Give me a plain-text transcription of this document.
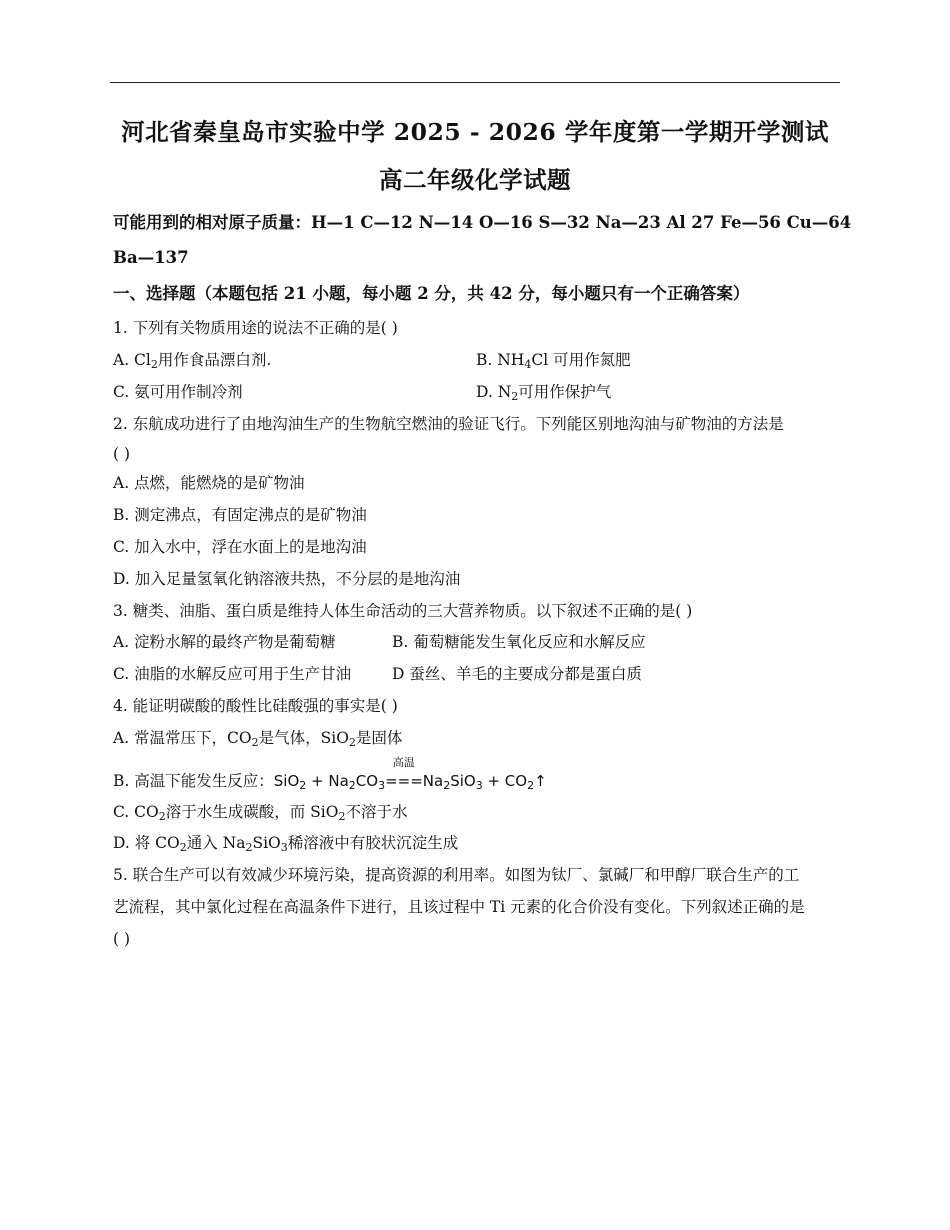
河北省秦皇岛市实验中学 2025 - 2026 学年度第一学期开学测试
高二年级化学试题
可能用到的相对原子质量：H—1 C—12 N—14 O—16 S—32 Na—23 Al 27 Fe—56 Cu—64
Ba—137
一、选择题（本题包括 21 小题，每小题 2 分，共 42 分，每小题只有一个正确答案）
1. 下列有关物质用途的说法不正确的是( )
A. $Cl_2$用作食品漂白剂.	B. $NH_4Cl$ 可用作氮肥
C. 氨可用作制冷剂	D. $N_2$可用作保护气
2. 东航成功进行了由地沟油生产的生物航空燃油的验证飞行。下列能区别地沟油与矿物油的方法是
( )
A. 点燃，能燃烧的是矿物油
B. 测定沸点，有固定沸点的是矿物油
C. 加入水中，浮在水面上的是地沟油
D. 加入足量氢氧化钠溶液共热，不分层的是地沟油
3. 糖类、油脂、蛋白质是维持人体生命活动的三大营养物质。以下叙述不正确的是( )
A. 淀粉水解的最终产物是葡萄糖	B. 葡萄糖能发生氧化反应和水解反应
C. 油脂的水解反应可用于生产甘油	D 蚕丝、羊毛的主要成分都是蛋白质
4. 能证明碳酸的酸性比硅酸强的事实是( )
A. 常温常压下，$CO_2$是气体，SiO$_2$是固体
B. 高温下能发生反应：$SiO_2 + Na_2CO_3$
高温
$===Na_2SiO_3$ + $CO_2↑$
C. $CO_2$溶于水生成碳酸，而 SiO$_2$不溶于水
D. 将 $CO_2$通入 $Na_2SiO_3$稀溶液中有胶状沉淀生成
5. 联合生产可以有效减少环境污染，提高资源的利用率。如图为钛厂、氯碱厂和甲醇厂联合生产的工
艺流程，其中氯化过程在高温条件下进行，且该过程中 Ti 元素的化合价没有变化。下列叙述正确的是
( )
